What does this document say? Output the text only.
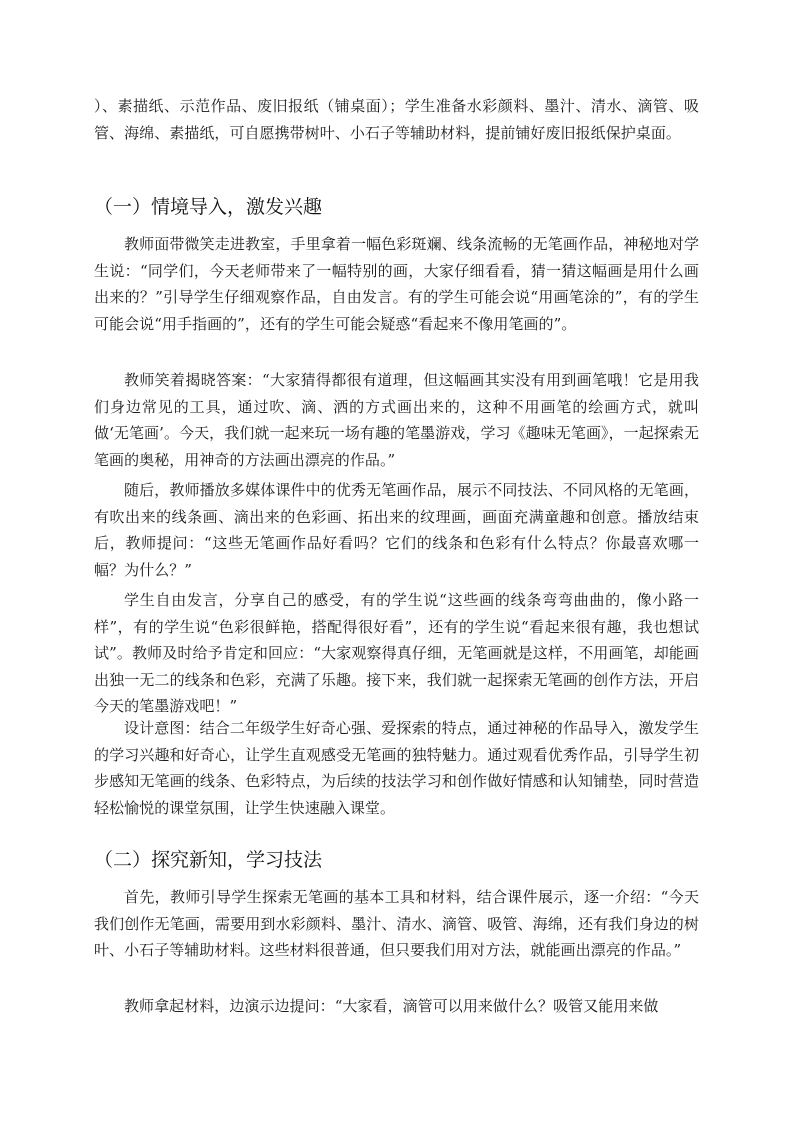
）、素描纸、示范作品、废旧报纸（铺桌面）；学生准备水彩颜料、墨汁、清水、滴管、吸管、海绵、素描纸，可自愿携带树叶、小石子等辅助材料，提前铺好废旧报纸保护桌面。

（一）情境导入，激发兴趣

教师面带微笑走进教室，手里拿着一幅色彩斑斓、线条流畅的无笔画作品，神秘地对学生说：“同学们，今天老师带来了一幅特别的画，大家仔细看看，猜一猜这幅画是用什么画出来的？”引导学生仔细观察作品，自由发言。有的学生可能会说“用画笔涂的”，有的学生可能会说“用手指画的”，还有的学生可能会疑惑“看起来不像用笔画的”。

教师笑着揭晓答案：“大家猜得都很有道理，但这幅画其实没有用到画笔哦！它是用我们身边常见的工具，通过吹、滴、洒的方式画出来的，这种不用画笔的绘画方式，就叫做‘无笔画’。今天，我们就一起来玩一场有趣的笔墨游戏，学习《趣味无笔画》，一起探索无笔画的奥秘，用神奇的方法画出漂亮的作品。”

随后，教师播放多媒体课件中的优秀无笔画作品，展示不同技法、不同风格的无笔画，有吹出来的线条画、滴出来的色彩画、拓出来的纹理画，画面充满童趣和创意。播放结束后，教师提问：“这些无笔画作品好看吗？它们的线条和色彩有什么特点？你最喜欢哪一幅？为什么？”

学生自由发言，分享自己的感受，有的学生说“这些画的线条弯弯曲曲的，像小路一样”，有的学生说“色彩很鲜艳，搭配得很好看”，还有的学生说“看起来很有趣，我也想试试”。教师及时给予肯定和回应：“大家观察得真仔细，无笔画就是这样，不用画笔，却能画出独一无二的线条和色彩，充满了乐趣。接下来，我们就一起探索无笔画的创作方法，开启今天的笔墨游戏吧！”

设计意图：结合二年级学生好奇心强、爱探索的特点，通过神秘的作品导入，激发学生的学习兴趣和好奇心，让学生直观感受无笔画的独特魅力。通过观看优秀作品，引导学生初步感知无笔画的线条、色彩特点，为后续的技法学习和创作做好情感和认知铺垫，同时营造轻松愉悦的课堂氛围，让学生快速融入课堂。

（二）探究新知，学习技法

首先，教师引导学生探索无笔画的基本工具和材料，结合课件展示，逐一介绍：“今天我们创作无笔画，需要用到水彩颜料、墨汁、清水、滴管、吸管、海绵，还有我们身边的树叶、小石子等辅助材料。这些材料很普通，但只要我们用对方法，就能画出漂亮的作品。”

教师拿起材料，边演示边提问：“大家看，滴管可以用来做什么？吸管又能用来做
